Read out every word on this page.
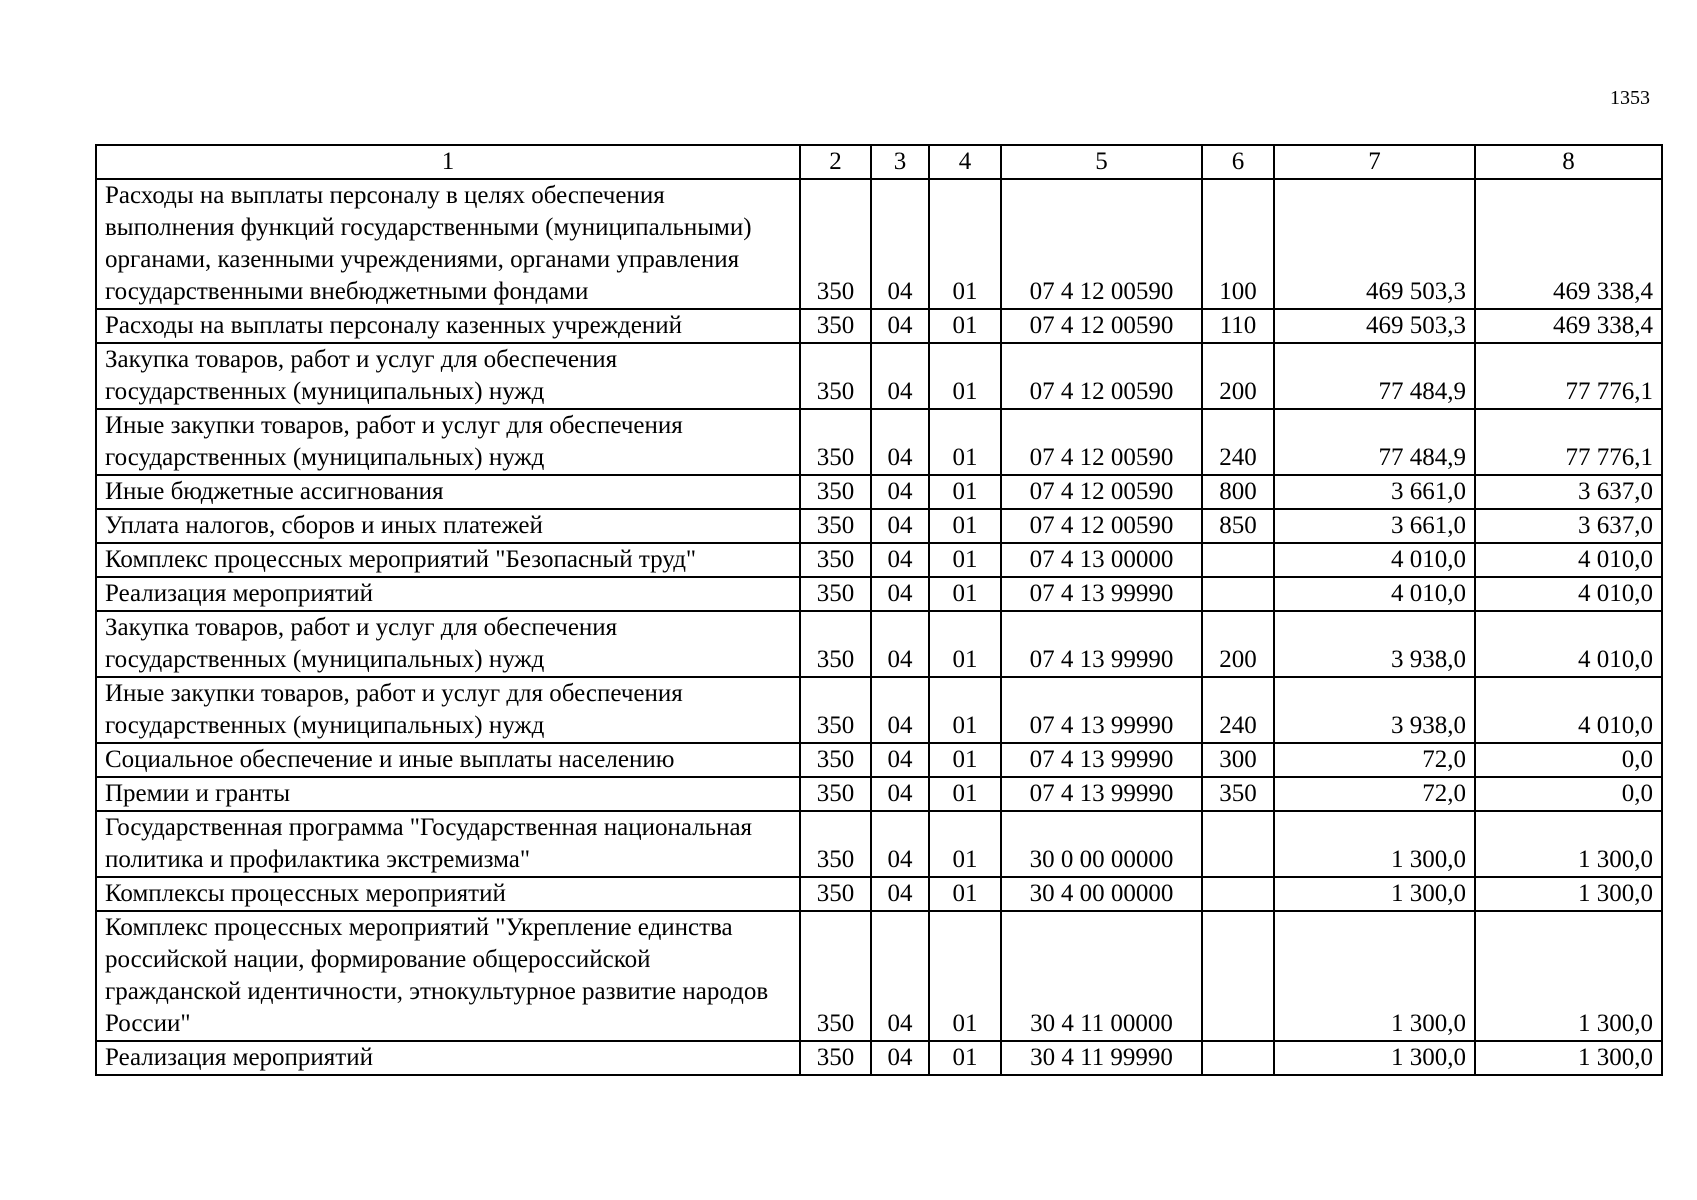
1353
1	2	3	4	5	6	7	8
Расходы на выплаты персоналу в целях обеспечения выполнения функций государственными (муниципальными) органами, казенными учреждениями, органами управления государственными внебюджетными фондами	350	04	01	07 4 12 00590	100	469 503,3	469 338,4
Расходы на выплаты персоналу казенных учреждений	350	04	01	07 4 12 00590	110	469 503,3	469 338,4
Закупка товаров, работ и услуг для обеспечения государственных (муниципальных) нужд	350	04	01	07 4 12 00590	200	77 484,9	77 776,1
Иные закупки товаров, работ и услуг для обеспечения государственных (муниципальных) нужд	350	04	01	07 4 12 00590	240	77 484,9	77 776,1
Иные бюджетные ассигнования	350	04	01	07 4 12 00590	800	3 661,0	3 637,0
Уплата налогов, сборов и иных платежей	350	04	01	07 4 12 00590	850	3 661,0	3 637,0
Комплекс процессных мероприятий "Безопасный труд"	350	04	01	07 4 13 00000		4 010,0	4 010,0
Реализация мероприятий	350	04	01	07 4 13 99990		4 010,0	4 010,0
Закупка товаров, работ и услуг для обеспечения государственных (муниципальных) нужд	350	04	01	07 4 13 99990	200	3 938,0	4 010,0
Иные закупки товаров, работ и услуг для обеспечения государственных (муниципальных) нужд	350	04	01	07 4 13 99990	240	3 938,0	4 010,0
Социальное обеспечение и иные выплаты населению	350	04	01	07 4 13 99990	300	72,0	0,0
Премии и гранты	350	04	01	07 4 13 99990	350	72,0	0,0
Государственная программа "Государственная национальная политика и профилактика экстремизма"	350	04	01	30 0 00 00000		1 300,0	1 300,0
Комплексы процессных мероприятий	350	04	01	30 4 00 00000		1 300,0	1 300,0
Комплекс процессных мероприятий "Укрепление единства российской нации, формирование общероссийской гражданской идентичности, этнокультурное развитие народов России"	350	04	01	30 4 11 00000		1 300,0	1 300,0
Реализация мероприятий	350	04	01	30 4 11 99990		1 300,0	1 300,0
